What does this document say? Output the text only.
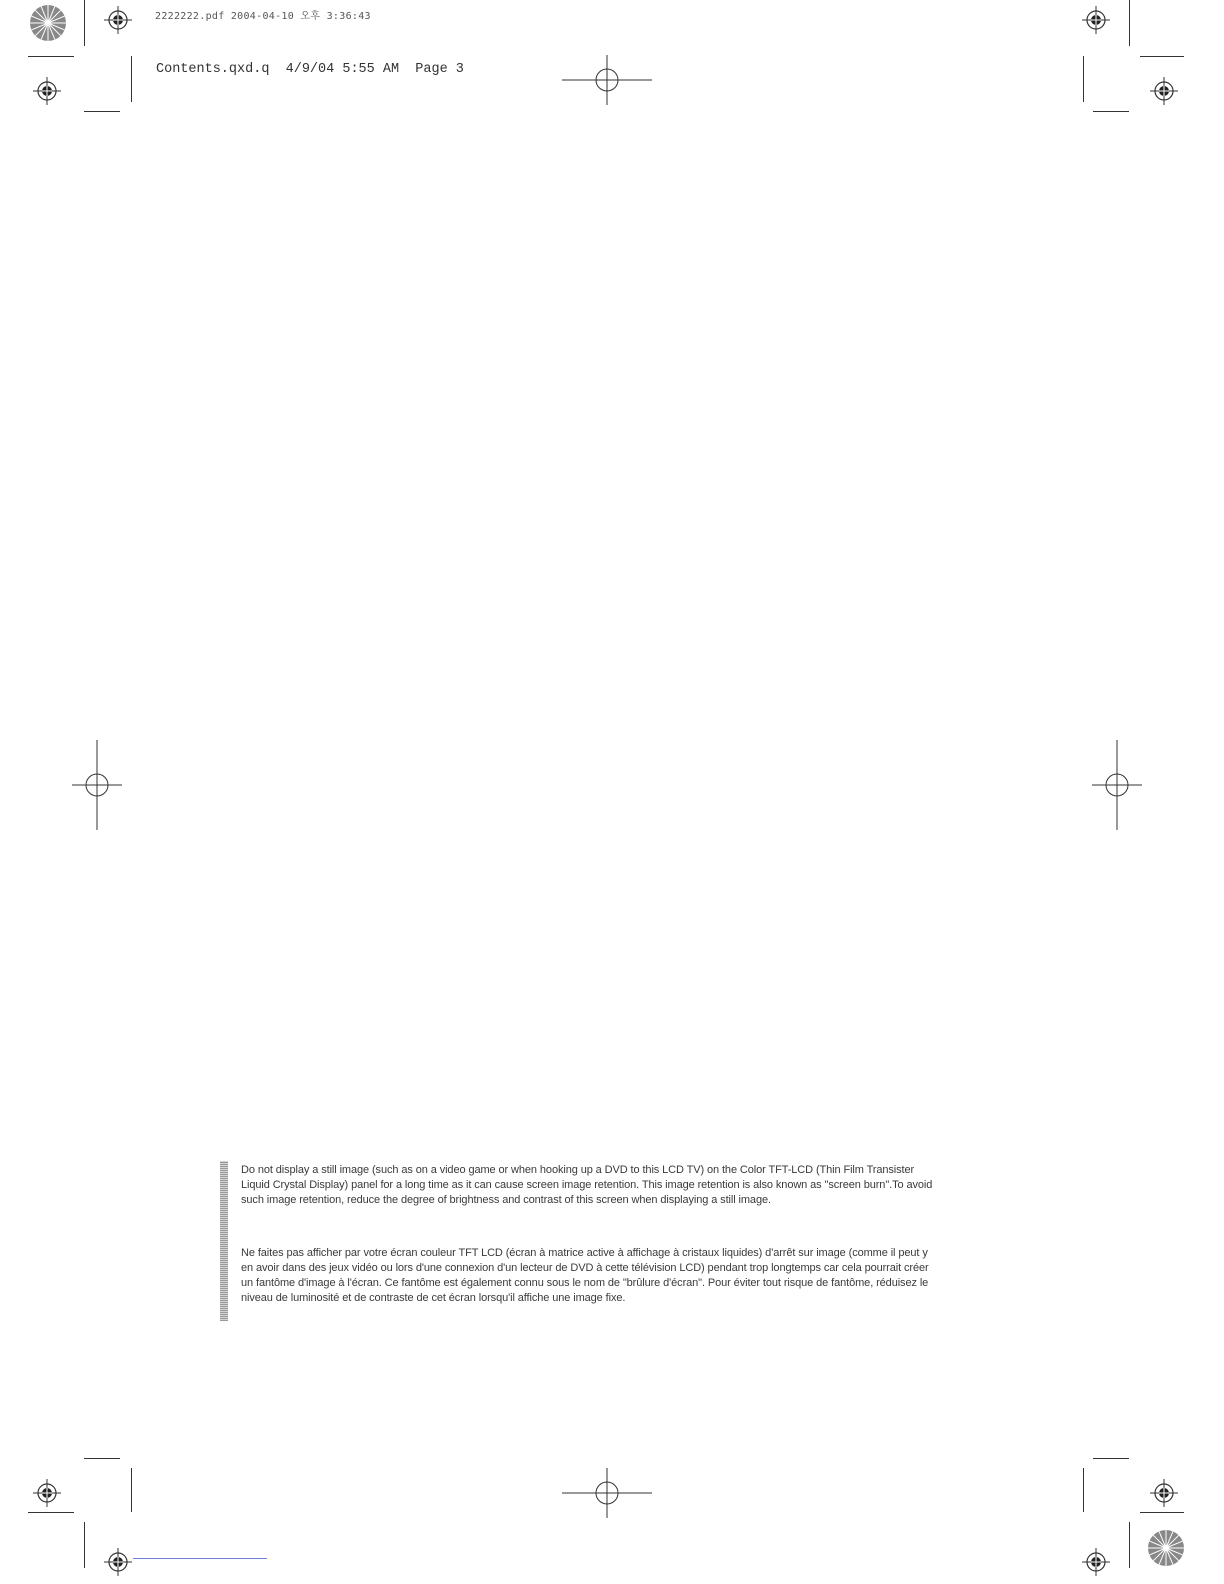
2222222.pdf 2004-04-10 오후 3:36:43
Contents.qxd.q 4/9/04 5:55 AM Page 3

Do not display a still image (such as on a video game or when hooking up a DVD to this LCD TV) on the Color TFT-LCD (Thin Film Transister Liquid Crystal Display) panel for a long time as it can cause screen image retention. This image retention is also known as "screen burn".To avoid such image retention, reduce the degree of brightness and contrast of this screen when displaying a still image.

Ne faites pas afficher par votre écran couleur TFT LCD (écran à matrice active à affichage à cristaux liquides) d'arrêt sur image (comme il peut y en avoir dans des jeux vidéo ou lors d'une connexion d'un lecteur de DVD à cette télévision LCD) pendant trop longtemps car cela pourrait créer un fantôme d'image à l'écran. Ce fantôme est également connu sous le nom de "brûlure d'écran". Pour éviter tout risque de fantôme, réduisez le niveau de luminosité et de contraste de cet écran lorsqu'il affiche une image fixe.
